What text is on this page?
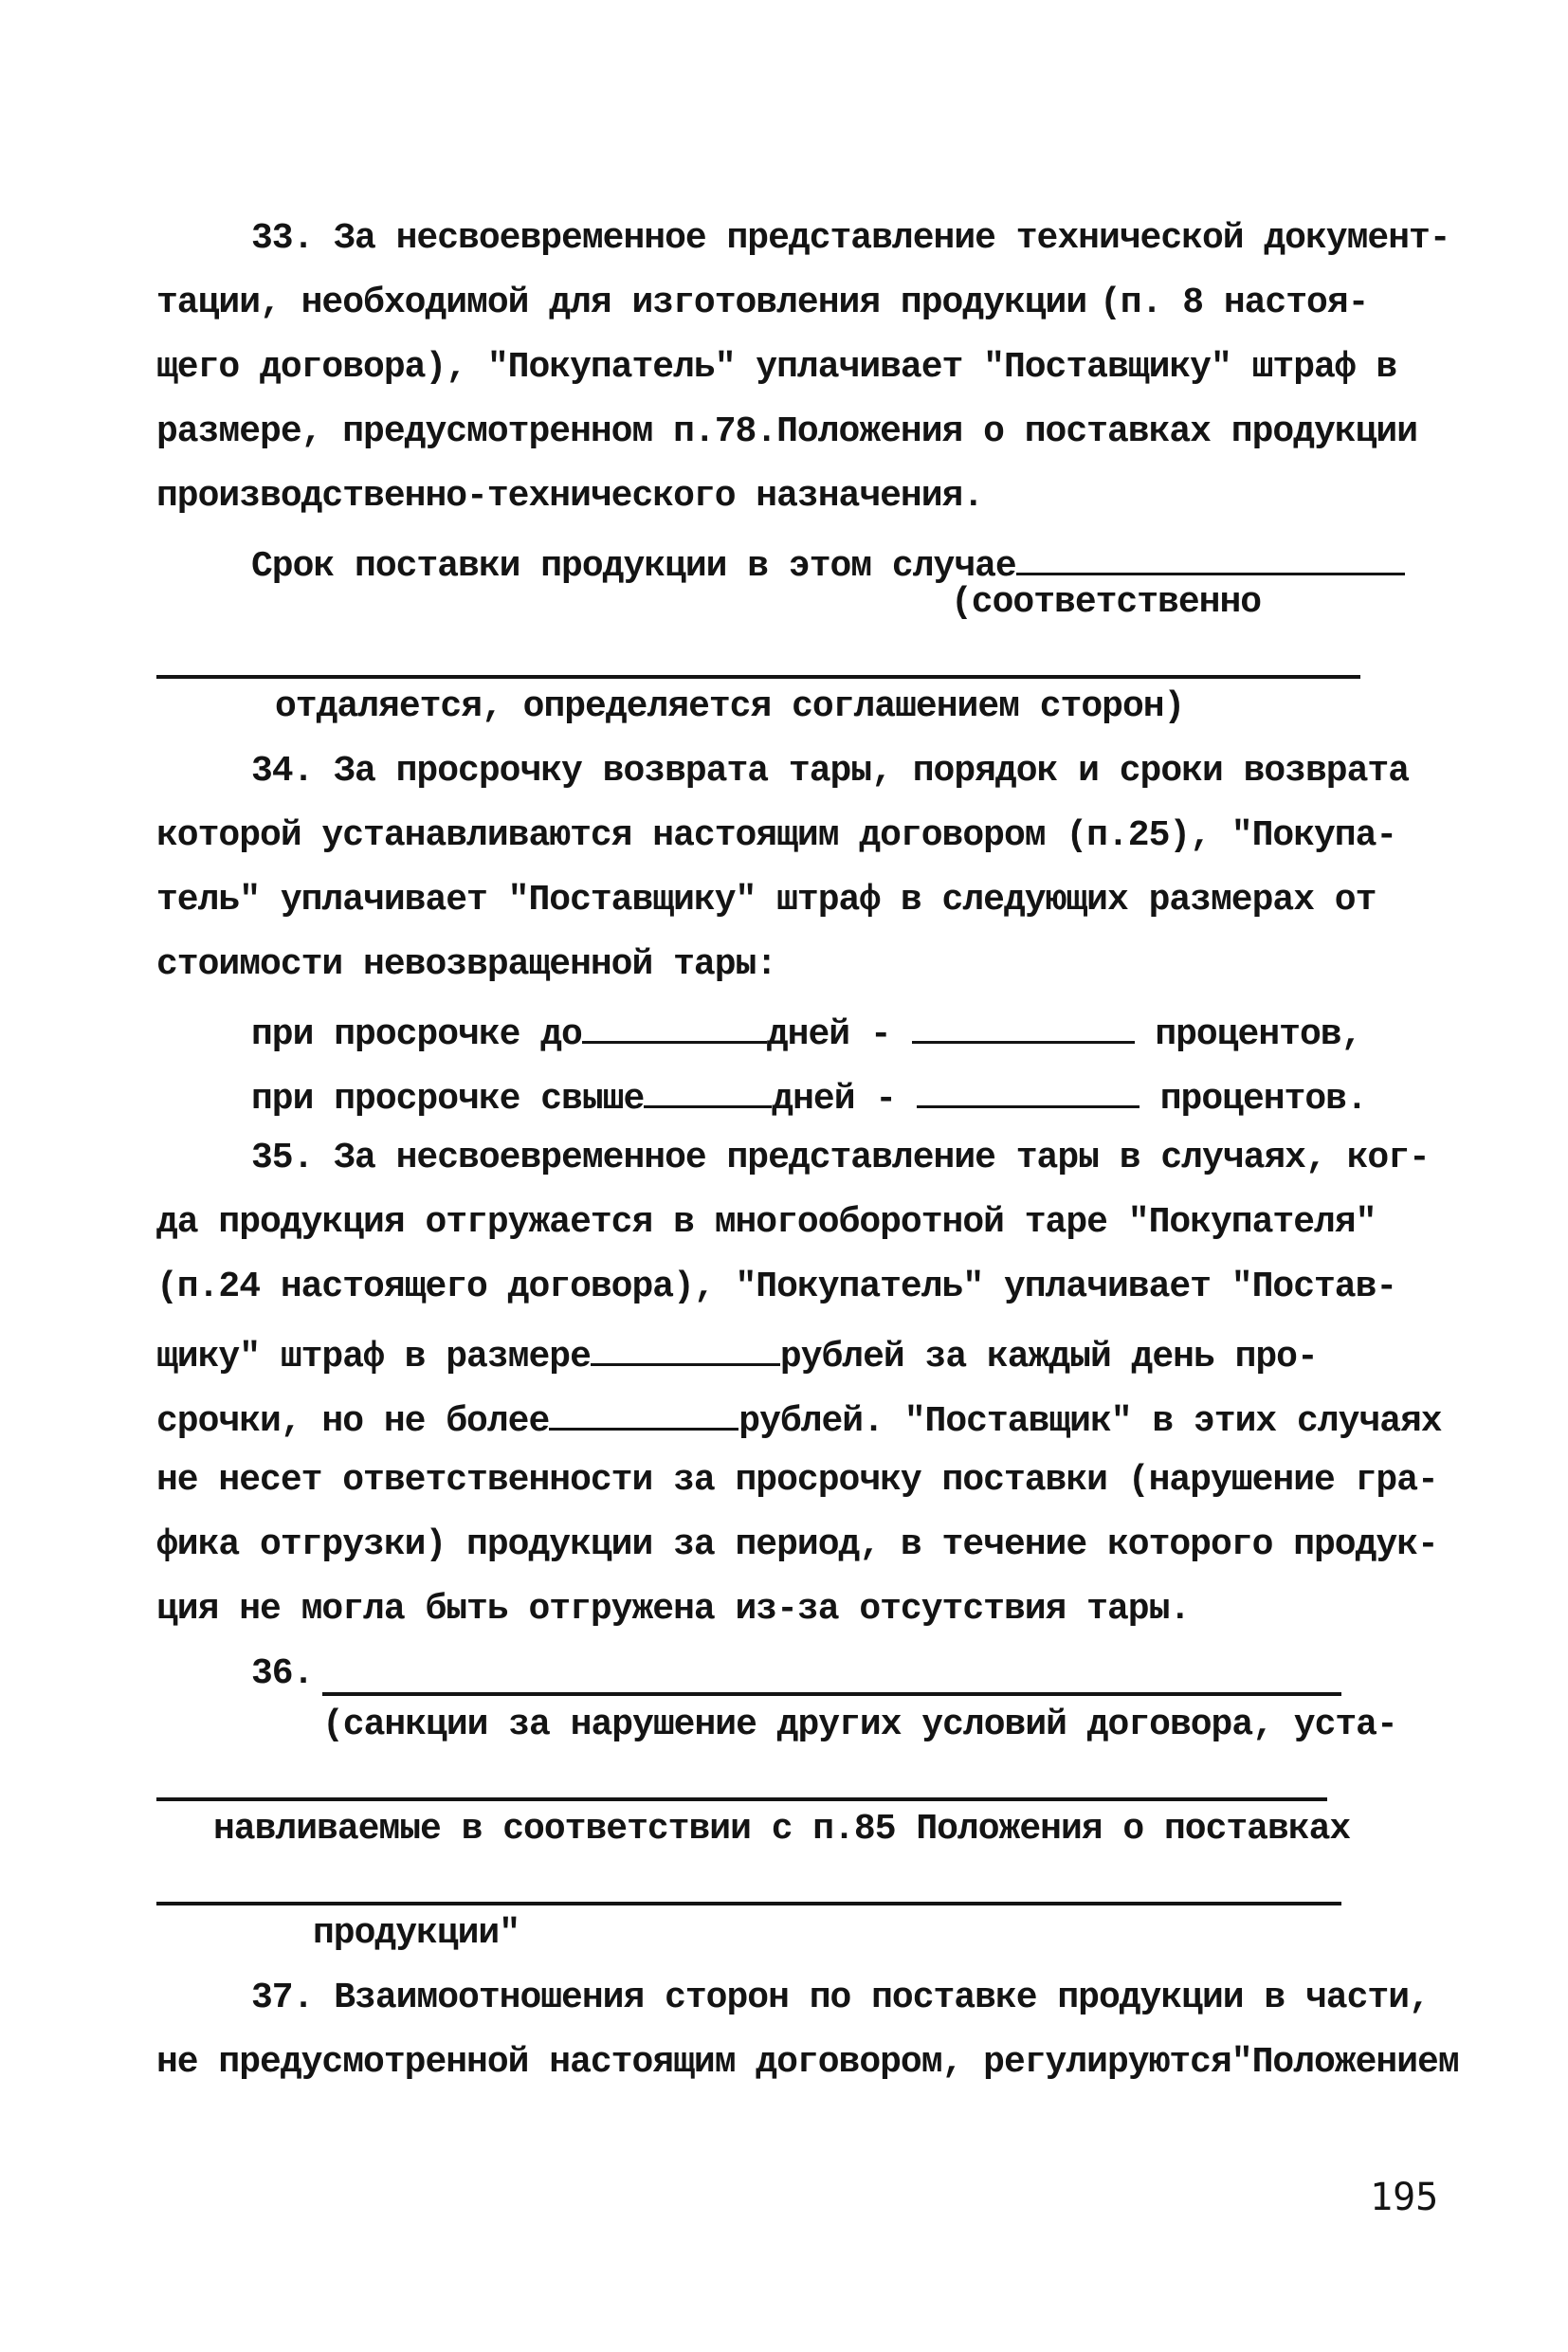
33. За несвоевременное представление технической документ-
тации, необходимой для изготовления продукции (п. 8 настоя-
щего договора), "Покупатель" уплачивает "Поставщику" штраф в
размере, предусмотренном п.78.Положения о поставках продукции
производственно-технического назначения.
Срок поставки продукции в этом случае
(соответственно
отдаляется, определяется соглашением сторон)
34. За просрочку возврата тары, порядок и сроки возврата
которой устанавливаются настоящим договором (п.25), "Покупа-
тель" уплачивает "Поставщику" штраф в следующих размерах от
стоимости невозвращенной тары:
при просрочке до	дней -	процентов,
при просрочке свыше	дней -	процентов.
35. За несвоевременное представление тары в случаях, ког-
да продукция отгружается в многооборотной таре "Покупателя"
(п.24 настоящего договора), "Покупатель" уплачивает "Постав-
щику" штраф в размере	рублей за каждый день про-
срочки, но не более	рублей. "Поставщик" в этих случаях
не несет ответственности за просрочку поставки (нарушение гра-
фика отгрузки) продукции за период, в течение которого продук-
ция не могла быть отгружена из-за отсутствия тары.
36.
(санкции за нарушение других условий договора, уста-
навливаемые в соответствии с п.85 Положения о поставках
продукции"
37. Взаимоотношения сторон по поставке продукции в части,
не предусмотренной настоящим договором, регулируются"Положением
195
